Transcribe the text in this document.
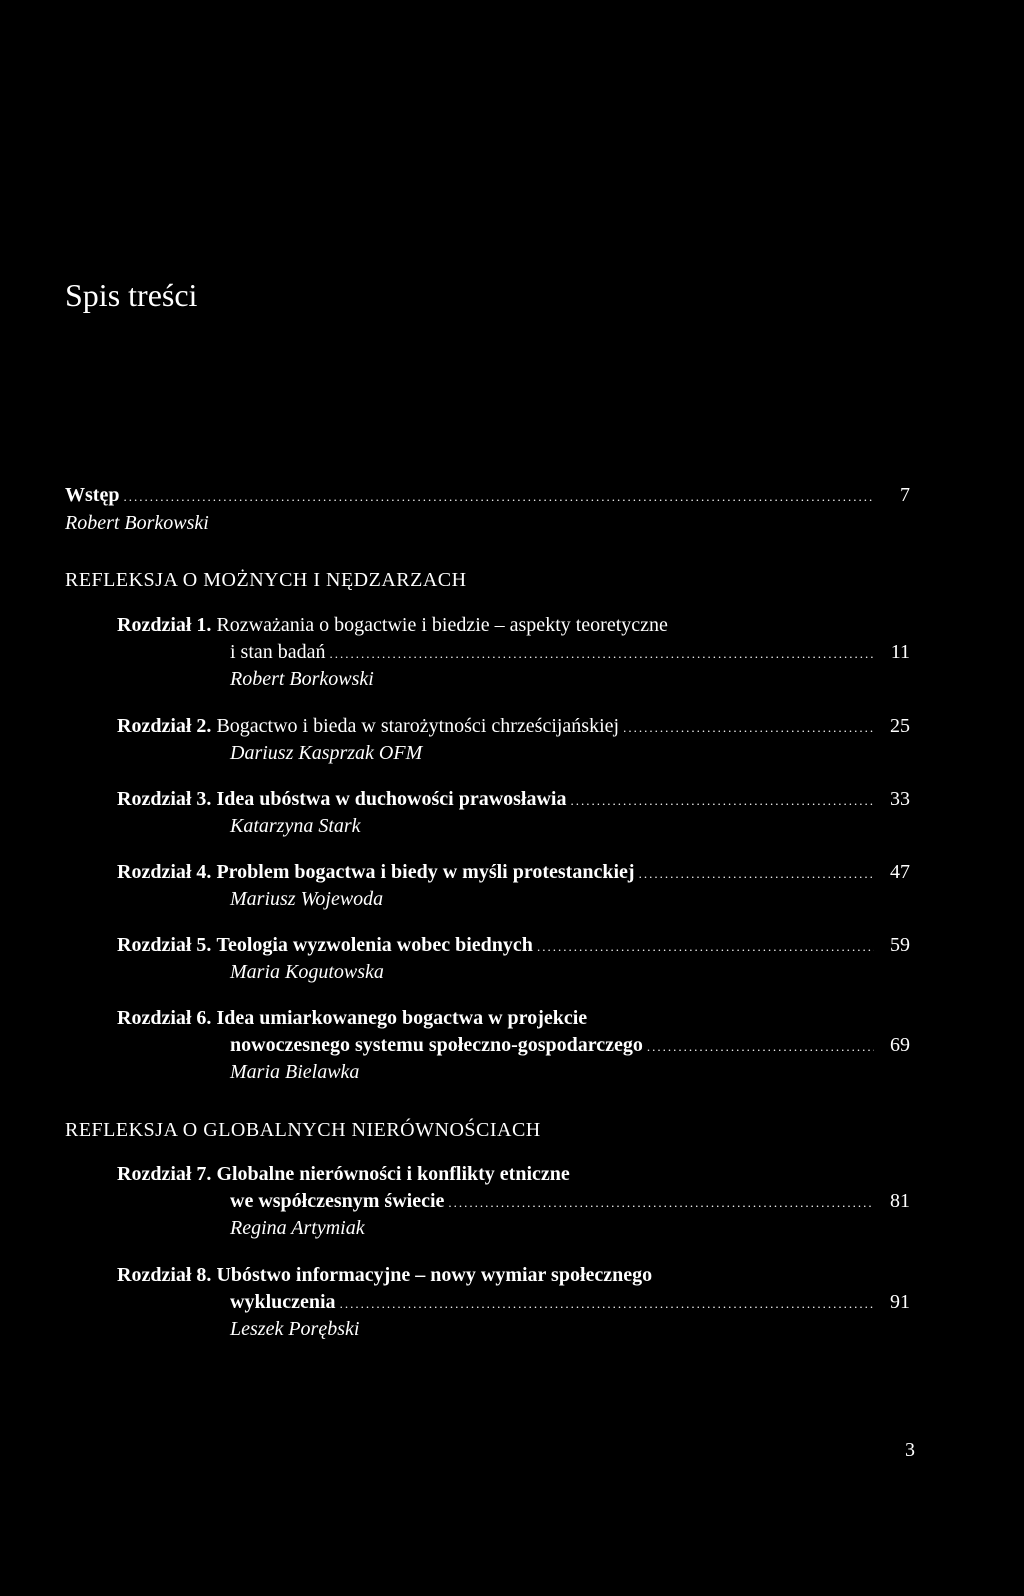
Spis treści
Wstęp .....	7
Robert Borkowski
REFLEKSJA O MOŻNYCH I NĘDZARZACH
Rozdział 1.
Rozważania o bogactwie i biedzie – aspekty teoretyczne
i stan badań .....	11
Robert Borkowski
Rozdział 2.
Bogactwo i bieda w starożytności chrześcijańskiej .....	25
Dariusz Kasprzak OFM
Rozdział 3.
Idea ubóstwa w duchowości prawosławia .....	33
Katarzyna Stark
Rozdział 4.
Problem bogactwa i biedy w myśli protestanckiej .....	47
Mariusz Wojewoda
Rozdział 5.
Teologia wyzwolenia wobec biednych .....	59
Maria Kogutowska
Rozdział 6.
Idea umiarkowanego bogactwa w projekcie
nowoczesnego systemu społeczno-gospodarczego .....	69
Maria Bielawka
REFLEKSJA O GLOBALNYCH NIERÓWNOŚCIACH
Rozdział 7.
Globalne nierówności i konflikty etniczne
we współczesnym świecie .....	81
Regina Artymiak
Rozdział 8.
Ubóstwo informacyjne – nowy wymiar społecznego
wykluczenia .....	91
Leszek Porębski
3
